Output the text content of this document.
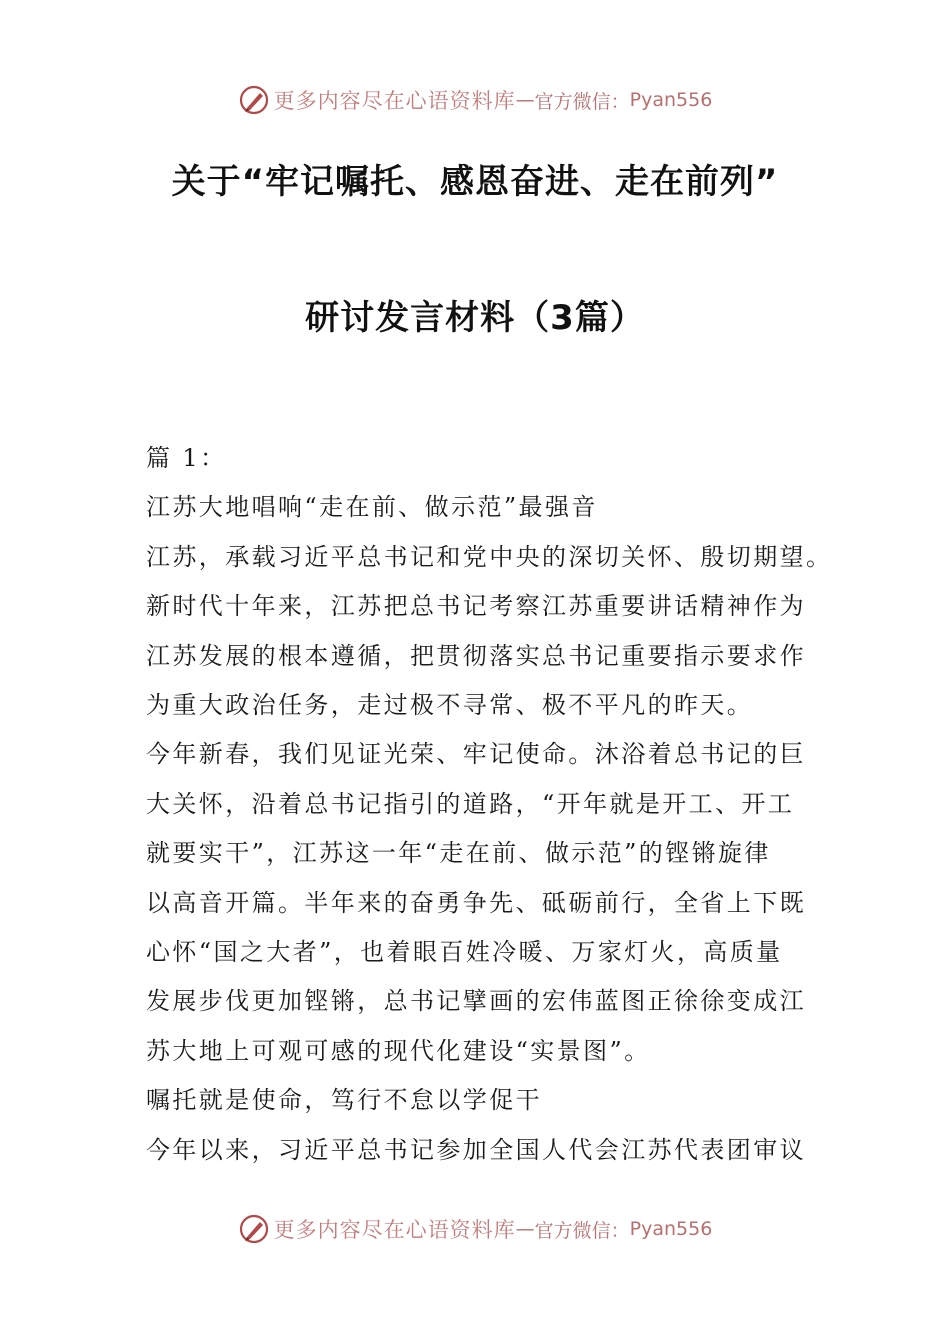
更多内容尽在心语资料库 — 官方微信： Pyan556
关于“牢记嘱托、感恩奋进、走在前列”
研讨发言材料（3篇）

篇 1：

江苏大地唱响“走在前、做示范”最强音

江苏，承载习近平总书记和党中央的深切关怀、殷切期望。

新时代十年来，江苏把总书记考察江苏重要讲话精神作为

江苏发展的根本遵循，把贯彻落实总书记重要指示要求作

为重大政治任务，走过极不寻常、极不平凡的昨天。

今年新春，我们见证光荣、牢记使命。沐浴着总书记的巨

大关怀，沿着总书记指引的道路，“开年就是开工、开工

就要实干”，江苏这一年“走在前、做示范”的铿锵旋律

以高音开篇。半年来的奋勇争先、砥砺前行，全省上下既

心怀“国之大者”，也着眼百姓冷暖、万家灯火，高质量

发展步伐更加铿锵，总书记擘画的宏伟蓝图正徐徐变成江

苏大地上可观可感的现代化建设“实景图”。

嘱托就是使命，笃行不怠以学促干

今年以来，习近平总书记参加全国人代会江苏代表团审议

更多内容尽在心语资料库 — 官方微信： Pyan556
